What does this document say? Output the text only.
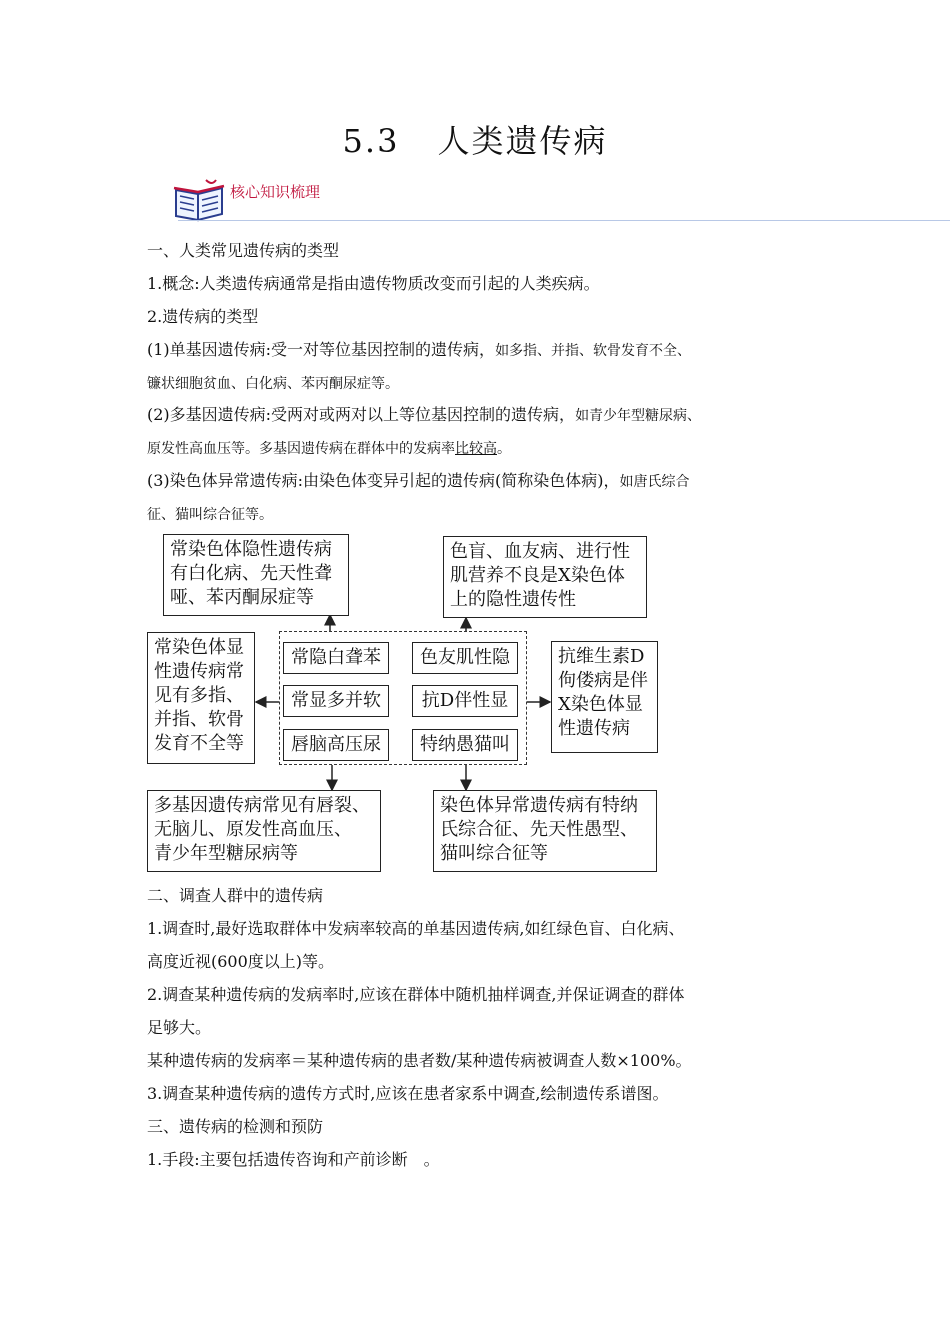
5.3 人类遗传病
核心知识梳理
一、人类常见遗传病的类型
1.概念:人类遗传病通常是指由遗传物质改变而引起的人类疾病。
2.遗传病的类型
(1)单基因遗传病:受一对等位基因控制的遗传病，如多指、并指、软骨发育不全、
镰状细胞贫血、白化病、苯丙酮尿症等。
(2)多基因遗传病:受两对或两对以上等位基因控制的遗传病，如青少年型糖尿病、
原发性高血压等。多基因遗传病在群体中的发病率比较高。
(3)染色体异常遗传病:由染色体变异引起的遗传病(简称染色体病)，如唐氏综合
征、猫叫综合征等。
常染色体隐性遗传病
有白化病、先天性聋
哑、苯丙酮尿症等
色盲、血友病、进行性
肌营养不良是X染色体
上的隐性遗传性
常染色体显
性遗传病常
见有多指、
并指、软骨
发育不全等
抗维生素D
佝偻病是伴
X染色体显
性遗传病
常隐白聋苯	色友肌性隐
常显多并软	抗D伴性显
唇脑高压尿	特纳愚猫叫
多基因遗传病常见有唇裂、
无脑儿、原发性高血压、
青少年型糖尿病等
染色体异常遗传病有特纳
氏综合征、先天性愚型、
猫叫综合征等
二、调查人群中的遗传病
1.调查时,最好选取群体中发病率较高的单基因遗传病,如红绿色盲、白化病、
高度近视(600度以上)等。
2.调查某种遗传病的发病率时,应该在群体中随机抽样调查,并保证调查的群体
足够大。
某种遗传病的发病率＝某种遗传病的患者数/某种遗传病被调查人数×100%。
3.调查某种遗传病的遗传方式时,应该在患者家系中调查,绘制遗传系谱图。
三、遗传病的检测和预防
1.手段:主要包括遗传咨询和产前诊断　。
